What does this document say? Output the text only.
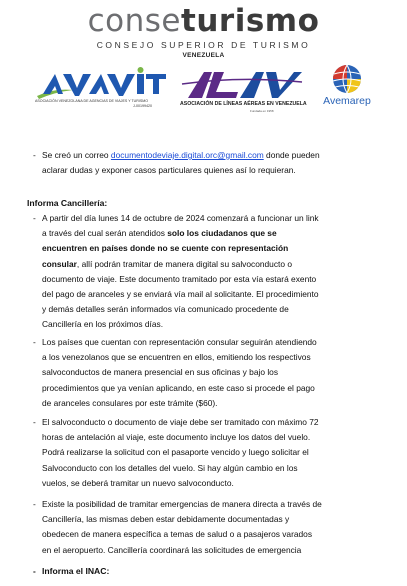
conseturismo
CONSEJO SUPERIOR DE TURISMO
VENEZUELA
ASOCIACIÓN VENEZOLANA DE AGENCIAS DE VIAJES Y TURISMO
J-00199420	ASOCIACIÓN DE LÍNEAS AÉREAS EN VENEZUELA
Fundada en 1958
Avemarep
- Se creó un correo documentodeviaje.digital.orc@gmail.com donde pueden
aclarar dudas y exponer casos particulares quienes así lo requieran.
Informa Cancillería:
- A partir del día lunes 14 de octubre de 2024 comenzará a funcionar un link
a través del cual serán atendidos solo los ciudadanos que se
encuentren en países donde no se cuente con representación
consular, allí podrán tramitar de manera digital su salvoconducto o
documento de viaje. Este documento tramitado por esta vía estará exento
del pago de aranceles y se enviará vía mail al solicitante. El procedimiento
y demás detalles serán informados vía comunicado procedente de
Cancillería en los próximos días.
- Los países que cuentan con representación consular seguirán atendiendo
a los venezolanos que se encuentren en ellos, emitiendo los respectivos
salvoconductos de manera presencial en sus oficinas y bajo los
procedimientos que ya venían aplicando, en este caso si procede el pago
de aranceles consulares por este trámite ($60).
- El salvoconducto o documento de viaje debe ser tramitado con máximo 72
horas de antelación al viaje, este documento incluye los datos del vuelo.
Podrá realizarse la solicitud con el pasaporte vencido y luego solicitar el
Salvoconducto con los detalles del vuelo. Si hay algún cambio en los
vuelos, se deberá tramitar un nuevo salvoconducto.
- Existe la posibilidad de tramitar emergencias de manera directa a través de
Cancillería, las mismas deben estar debidamente documentadas y
obedecen de manera específica a temas de salud o a pasajeros varados
en el aeropuerto. Cancillería coordinará las solicitudes de emergencia
- Informa el INAC:
